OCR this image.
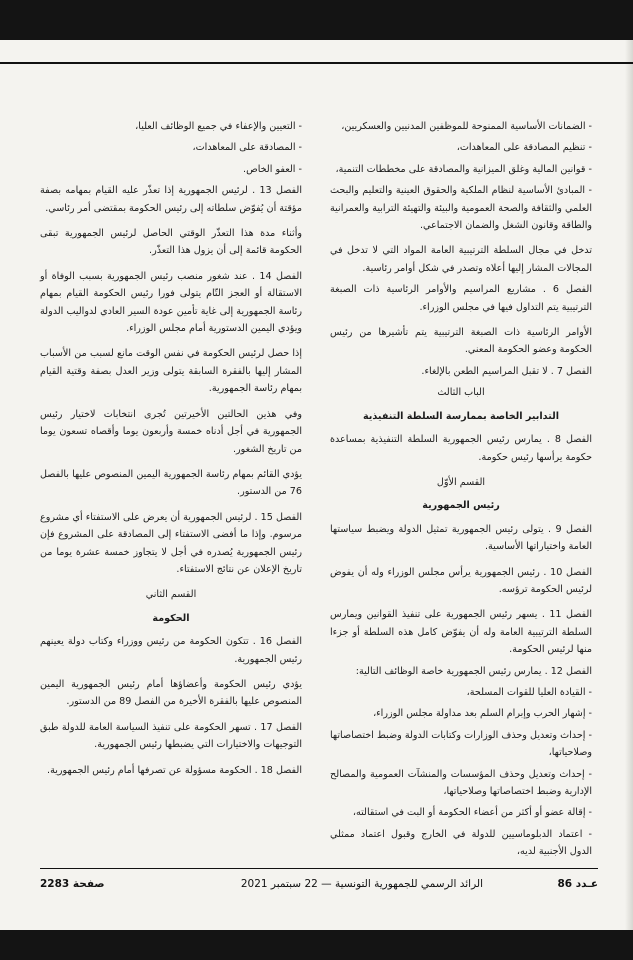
- الضمانات الأساسية الممنوحة للموظفين المدنيين والعسكريين،

- تنظيم المصادقة على المعاهدات،

- قوانين المالية وغلق الميزانية والمصادقة على مخططات التنمية،

- المبادئ الأساسية لنظام الملكية والحقوق العينية والتعليم والبحث العلمي والثقافة والصحة العمومية والبيئة والتهيئة الترابية والعمرانية والطاقة وقانون الشغل والضمان الاجتماعي.

تدخل في مجال السلطة الترتيبية العامة المواد التي لا تدخل في المجالات المشار إليها أعلاه وتصدر في شكل أوامر رئاسية.

الفصل 6 . مشاريع المراسيم والأوامر الرئاسية ذات الصبغة الترتيبية يتم التداول فيها في مجلس الوزراء.

الأوامر الرئاسية ذات الصبغة الترتيبية يتم تأشيرها من رئيس الحكومة وعضو الحكومة المعني.

الفصل 7 . لا تقبل المراسيم الطعن بالإلغاء.

الباب الثالث

التدابير الخاصة بممارسة السلطة التنفيذية

الفصل 8 . يمارس رئيس الجمهورية السلطة التنفيذية بمساعدة حكومة يرأسها رئيس حكومة.

القسم الأوّل

رئيس الجمهورية

الفصل 9 . يتولى رئيس الجمهورية تمثيل الدولة ويضبط سياستها العامة واختياراتها الأساسية.

الفصل 10 . رئيس الجمهورية يرأس مجلس الوزراء وله أن يفوض لرئيس الحكومة ترؤسه.

الفصل 11 . يسهر رئيس الجمهورية على تنفيذ القوانين ويمارس السلطة الترتيبية العامة وله أن يفوّض كامل هذه السلطة أو جزءا منها لرئيس الحكومة.

الفصل 12 . يمارس رئيس الجمهورية خاصة الوظائف التالية:

- القيادة العليا للقوات المسلحة،

- إشهار الحرب وإبرام السلم بعد مداولة مجلس الوزراء،

- إحداث وتعديل وحذف الوزارات وكتابات الدولة وضبط اختصاصاتها وصلاحياتها،

- إحداث وتعديل وحذف المؤسسات والمنشآت العمومية والمصالح الإدارية وضبط اختصاصاتها وصلاحياتها،

- إقالة عضو أو أكثر من أعضاء الحكومة أو البت في استقالته،

- اعتماد الدبلوماسيين للدولة في الخارج وقبول اعتماد ممثلي الدول الأجنبية لديه،

- التعيين والإعفاء في جميع الوظائف العليا،

- المصادقة على المعاهدات،

- العفو الخاص.

الفصل 13 . لرئيس الجمهورية إذا تعذّر عليه القيام بمهامه بصفة مؤقتة أن يُفوّض سلطاته إلى رئيس الحكومة بمقتضى أمر رئاسي.

وأثناء مدة هذا التعذّر الوقتي الحاصل لرئيس الجمهورية تبقى الحكومة قائمة إلى أن يزول هذا التعذّر.

الفصل 14 . عند شغور منصب رئيس الجمهورية بسبب الوفاة أو الاستقالة أو العجز التّام يتولى فورا رئيس الحكومة القيام بمهام رئاسة الجمهورية إلى غاية تأمين عودة السير العادي لدواليب الدولة ويؤدي اليمين الدستورية أمام مجلس الوزراء.

إذا حصل لرئيس الحكومة في نفس الوقت مانع لسبب من الأسباب المشار إليها بالفقرة السابقة يتولى وزير العدل بصفة وقتية القيام بمهام رئاسة الجمهورية.

وفي هذين الحالتين الأخيرتين تُجرى انتخابات لاختيار رئيس الجمهورية في أجل أدناه خمسة وأربعون يوما وأقصاه تسعون يوما من تاريخ الشغور.

يؤدي القائم بمهام رئاسة الجمهورية اليمين المنصوص عليها بالفصل 76 من الدستور.

الفصل 15 . لرئيس الجمهورية أن يعرض على الاستفتاء أي مشروع مرسوم. وإذا ما أفضى الاستفتاء إلى المصادقة على المشروع فإن رئيس الجمهورية يُصدره في أجل لا يتجاوز خمسة عشرة يوما من تاريخ الإعلان عن نتائج الاستفتاء.

القسم الثاني

الحكومة

الفصل 16 . تتكون الحكومة من رئيس ووزراء وكتاب دولة يعينهم رئيس الجمهورية.

يؤدي رئيس الحكومة وأعضاؤها أمام رئيس الجمهورية اليمين المنصوص عليها بالفقرة الأخيرة من الفصل 89 من الدستور.

الفصل 17 . تسهر الحكومة على تنفيذ السياسة العامة للدولة طبق التوجيهات والاختيارات التي يضبطها رئيس الجمهورية.

الفصل 18 . الحكومة مسؤولة عن تصرفها أمام رئيس الجمهورية.

عـدد 86
الرائد الرسمي للجمهورية التونسية — 22 سبتمبر 2021
صفحة 2283
